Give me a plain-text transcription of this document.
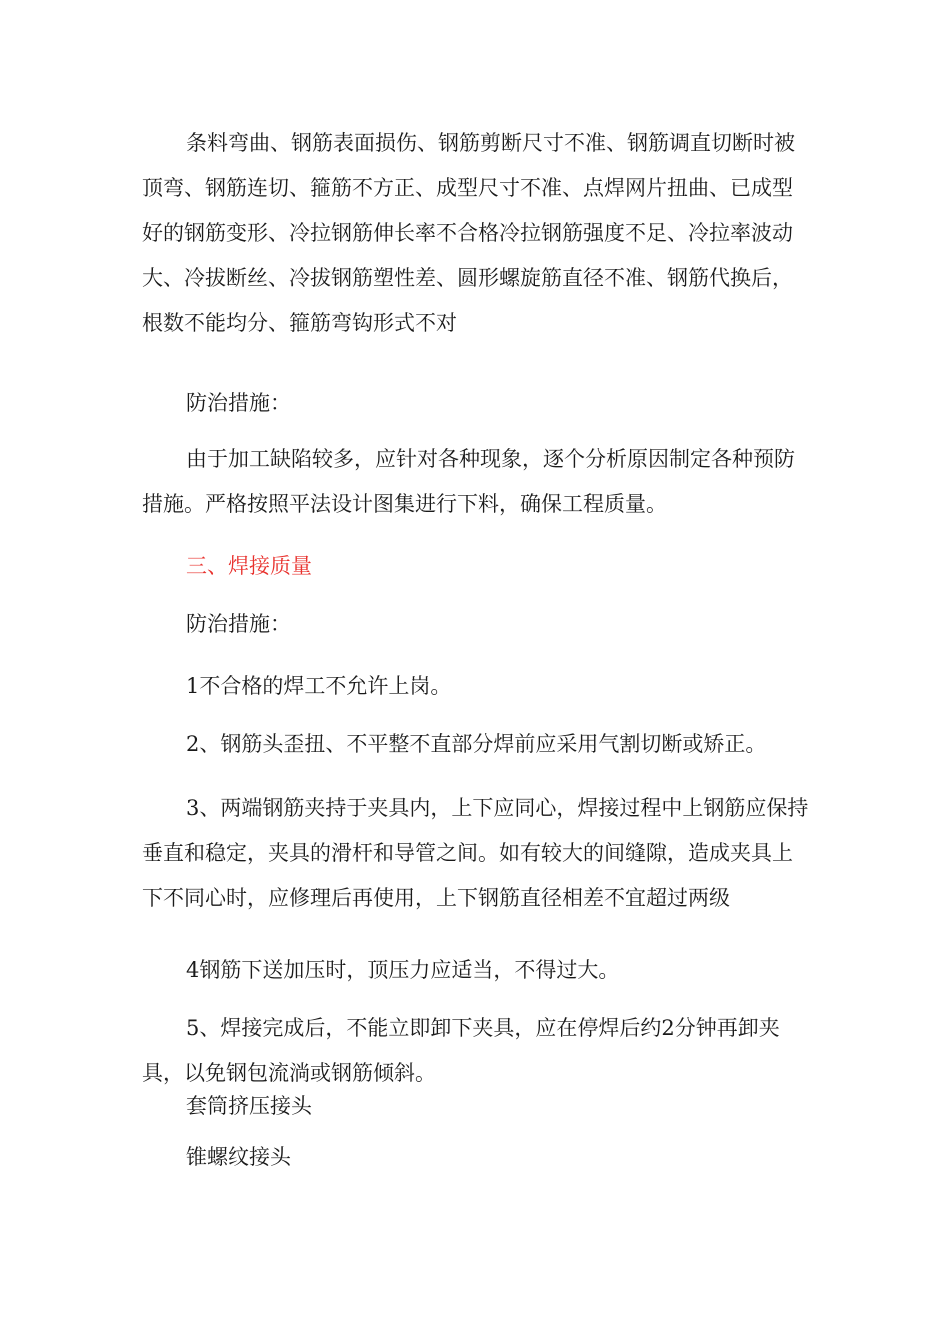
条料弯曲、钢筋表面损伤、钢筋剪断尺寸不准、钢筋调直切断时被顶弯、钢筋连切、箍筋不方正、成型尺寸不准、点焊网片扭曲、已成型好的钢筋变形、冷拉钢筋伸长率不合格冷拉钢筋强度不足、冷拉率波动大、冷拔断丝、冷拔钢筋塑性差、圆形螺旋筋直径不准、钢筋代换后，根数不能均分、箍筋弯钩形式不对

防治措施：

由于加工缺陷较多，应针对各种现象，逐个分析原因制定各种预防措施。严格按照平法设计图集进行下料，确保工程质量。

三、焊接质量

防治措施：

1不合格的焊工不允许上岗。

2、钢筋头歪扭、不平整不直部分焊前应采用气割切断或矫正。

3、两端钢筋夹持于夹具内，上下应同心，焊接过程中上钢筋应保持垂直和稳定，夹具的滑杆和导管之间。如有较大的间缝隙，造成夹具上下不同心时，应修理后再使用，上下钢筋直径相差不宜超过两级

4钢筋下送加压时，顶压力应适当，不得过大。

5、焊接完成后，不能立即卸下夹具，应在停焊后约2分钟再卸夹具，以免钢包流淌或钢筋倾斜。

套筒挤压接头

锥螺纹接头
